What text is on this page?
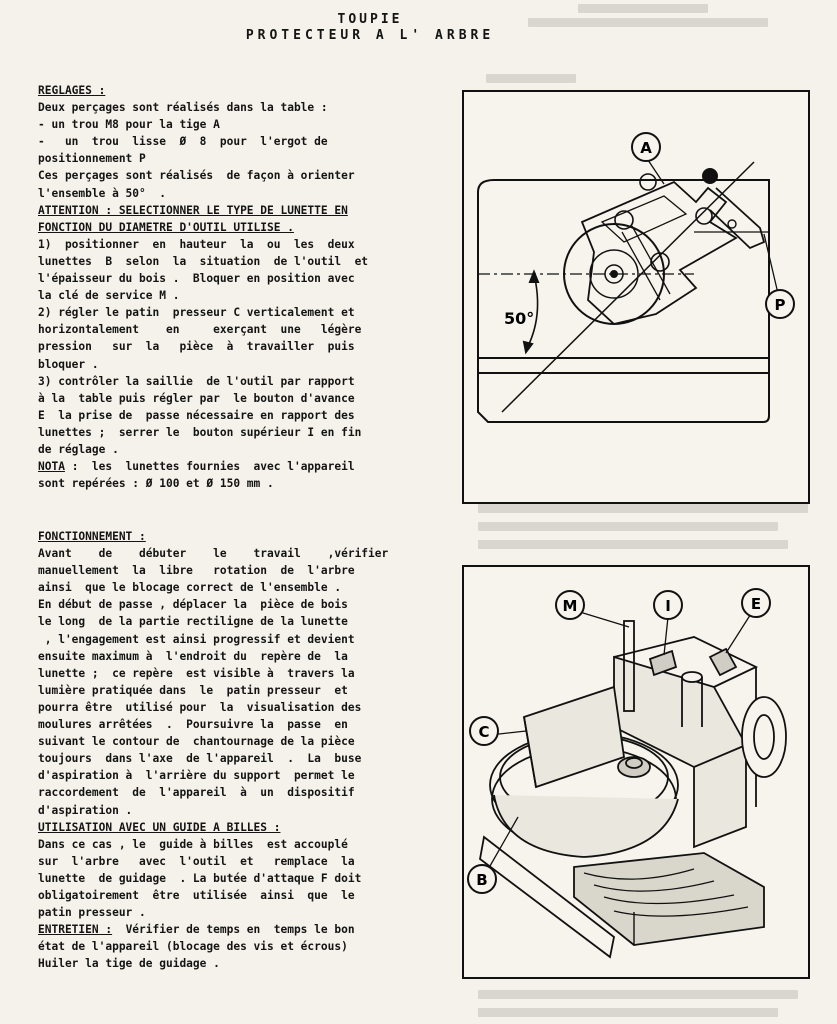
TOUPIE
PROTECTEUR A L' ARBRE

REGLAGES :

Deux perçages sont réalisés dans la table :

- un trou M8 pour la tige A

-   un  trou  lisse  Ø  8  pour  l'ergot de

positionnement P

Ces perçages sont réalisés  de façon à orienter

l'ensemble à 50°  .

ATTENTION : SELECTIONNER LE TYPE DE LUNETTE EN

FONCTION DU DIAMETRE D'OUTIL UTILISE .

1)  positionner  en  hauteur  la  ou  les  deux

lunettes  B  selon  la  situation  de l'outil  et

l'épaisseur du bois .  Bloquer en position avec

la clé de service M .

2) régler le patin  presseur C verticalement et

horizontalement    en     exerçant  une   légère

pression   sur  la   pièce  à  travailler  puis

bloquer .

3) contrôler la saillie  de l'outil par rapport

à la  table puis régler par  le bouton d'avance

E  la prise de  passe nécessaire en rapport des

lunettes ;  serrer le  bouton supérieur I en fin

de réglage .

NOTA :  les  lunettes fournies  avec l'appareil

sont repérées : Ø 100 et Ø 150 mm .

FONCTIONNEMENT :

Avant    de    débuter    le    travail    ,vérifier

manuellement  la  libre   rotation  de  l'arbre

ainsi  que le blocage correct de l'ensemble .

En début de passe , déplacer la  pièce de bois

le long  de la partie rectiligne de la lunette

, l'engagement est ainsi progressif et devient

ensuite maximum à  l'endroit du  repère de  la

lunette ;  ce repère  est visible à  travers la

lumière pratiquée dans  le  patin presseur  et

pourra être  utilisé pour  la  visualisation des

moulures arrêtées  .  Poursuivre la  passe  en

suivant le contour de  chantournage de la pièce

toujours  dans l'axe  de l'appareil  .  La  buse

d'aspiration à  l'arrière du support  permet le

raccordement  de  l'appareil  à  un  dispositif

d'aspiration .

UTILISATION AVEC UN GUIDE A BILLES :

Dans ce cas , le  guide à billes  est accouplé

sur  l'arbre   avec  l'outil  et   remplace  la

lunette  de guidage  . La butée d'attaque F doit

obligatoirement  être  utilisée  ainsi  que  le

patin presseur .

ENTRETIEN :  Vérifier de temps en  temps le bon

état de l'appareil (blocage des vis et écrous)

Huiler la tige de guidage .

A
P
50°
M	I	E
C
B
